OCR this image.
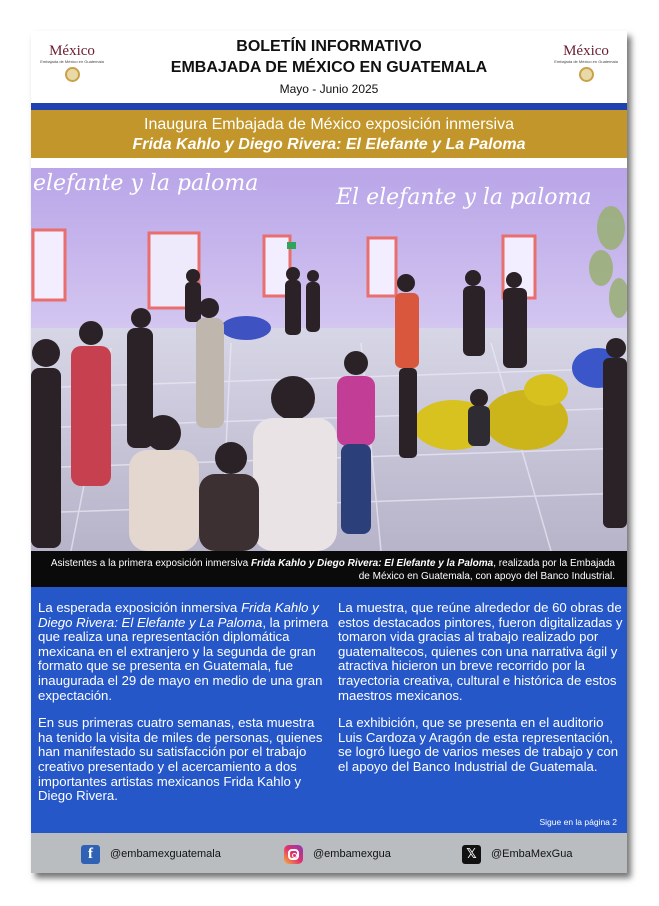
México
Embajada de México en Guatemala
BOLETÍN INFORMATIVO
EMBAJADA DE MÉXICO EN GUATEMALA
Mayo - Junio 2025
México
Embajada de México en Guatemala
Inaugura Embajada de México exposición inmersiva
Frida Kahlo y Diego Rivera: El Elefante y La Paloma
elefante y la paloma
El elefante y la paloma
Asistentes a la primera exposición inmersiva Frida Kahlo y Diego Rivera: El Elefante y la Paloma, realizada por la Embajada de México en Guatemala, con apoyo del Banco Industrial.

La esperada exposición inmersiva Frida Kahlo y Diego Rivera: El Elefante y La Paloma, la primera que realiza una representación diplomática mexicana en el extranjero y la segunda de gran formato que se presenta en Guatemala, fue inaugurada el 29 de mayo en medio de una gran expectación.

En sus primeras cuatro semanas, esta muestra ha tenido la visita de miles de personas, quienes han manifestado su satisfacción por el trabajo creativo presentado y el acercamiento a dos importantes artistas mexicanos Frida Kahlo y Diego Rivera.

La muestra, que reúne alrededor de 60 obras de estos destacados pintores, fueron digitalizadas y tomaron vida gracias al trabajo realizado por guatemaltecos, quienes con una narrativa ágil y atractiva hicieron un breve recorrido por la trayectoria creativa, cultural e histórica de estos maestros mexicanos.

La exhibición, que se presenta en el auditorio Luis Cardoza y Aragón de esta representación, se logró luego de varios meses de trabajo y con el apoyo del Banco Industrial de Guatemala.

Sigue en la página 2
f	@embamexguatemala	@embamexgua	𝕏	@EmbaMexGua
